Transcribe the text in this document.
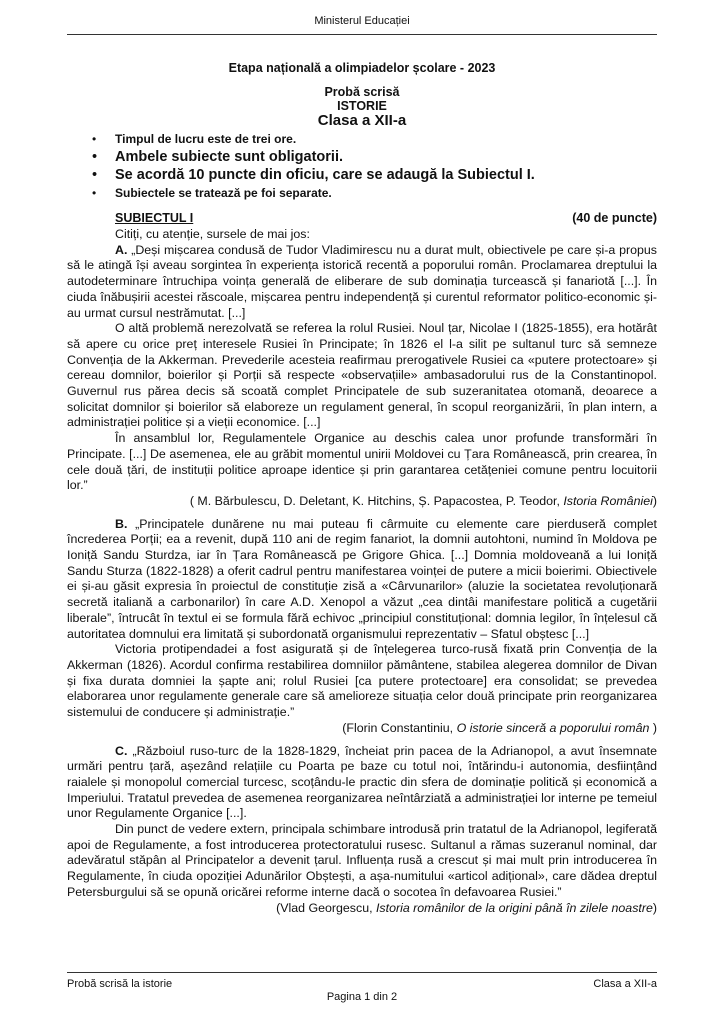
Ministerul Educației
Etapa națională a olimpiadelor școlare - 2023
Probă scrisă
ISTORIE
Clasa a XII-a
• Timpul de lucru este de trei ore.
• Ambele subiecte sunt obligatorii.
• Se acordă 10 puncte din oficiu, care se adaugă la Subiectul I.
• Subiectele se tratează pe foi separate.
SUBIECTUL I	(40 de puncte)

Citiți, cu atenție, sursele de mai jos:

A. „Deși mișcarea condusă de Tudor Vladimirescu nu a durat mult, obiectivele pe care și-a propus să le atingă își aveau sorgintea în experiența istorică recentă a poporului român. Proclamarea dreptului la autodeterminare întruchipa voința generală de eliberare de sub dominația turcească și fanariotă [...]. În ciuda înăbușirii acestei răscoale, mișcarea pentru independență și curentul reformator politico-economic și-au urmat cursul nestrămutat. [...]

O altă problemă nerezolvată se referea la rolul Rusiei. Noul țar, Nicolae I (1825-1855), era hotărât să apere cu orice preț interesele Rusiei în Principate; în 1826 el l-a silit pe sultanul turc să semneze Convenția de la Akkerman. Prevederile acesteia reafirmau prerogativele Rusiei ca «putere protectoare» și cereau domnilor, boierilor și Porții să respecte «observațiile» ambasadorului rus de la Constantinopol. Guvernul rus părea decis să scoată complet Principatele de sub suzeranitatea otomană, deoarece a solicitat domnilor și boierilor să elaboreze un regulament general, în scopul reorganizării, în plan intern, a administrației politice și a vieții economice. [...]

În ansamblul lor, Regulamentele Organice au deschis calea unor profunde transformări în Principate. [...] De asemenea, ele au grăbit momentul unirii Moldovei cu Țara Românească, prin crearea, în cele două țări, de instituții politice aproape identice și prin garantarea cetățeniei comune pentru locuitorii lor.”

( M. Bărbulescu, D. Deletant, K. Hitchins, Ș. Papacostea, P. Teodor, Istoria României)

B. „Principatele dunărene nu mai puteau fi cârmuite cu elemente care pierduseră complet încrederea Porții; ea a revenit, după 110 ani de regim fanariot, la domnii autohtoni, numind în Moldova pe Ioniță Sandu Sturdza, iar în Țara Românească pe Grigore Ghica. [...] Domnia moldoveană a lui Ioniță Sandu Sturza (1822-1828) a oferit cadrul pentru manifestarea voinței de putere a micii boierimi. Obiectivele ei și-au găsit expresia în proiectul de constituție zisă a «Cârvunarilor» (aluzie la societatea revoluționară secretă italiană a carbonarilor) în care A.D. Xenopol a văzut „cea dintâi manifestare politică a cugetării liberale”, întrucât în textul ei se formula fără echivoc „principiul constituțional: domnia legilor, în înțelesul că autoritatea domnului era limitată și subordonată organismului reprezentativ – Sfatul obștesc [...]

Victoria protipendadei a fost asigurată și de înțelegerea turco-rusă fixată prin Convenția de la Akkerman (1826). Acordul confirma restabilirea domniilor pământene, stabilea alegerea domnilor de Divan și fixa durata domniei la șapte ani; rolul Rusiei [ca putere protectoare] era consolidat; se prevedea elaborarea unor regulamente generale care să amelioreze situația celor două principate prin reorganizarea sistemului de conducere și administrație.”

(Florin Constantiniu, O istorie sinceră a poporului român )

C. „Războiul ruso-turc de la 1828-1829, încheiat prin pacea de la Adrianopol, a avut însemnate urmări pentru țară, așezând relațiile cu Poarta pe baze cu totul noi, întărindu-i autonomia, desființând raialele și monopolul comercial turcesc, scoțându-le practic din sfera de dominație politică și economică a Imperiului. Tratatul prevedea de asemenea reorganizarea neîntârziată a administrației lor interne pe temeiul unor Regulamente Organice [...].

Din punct de vedere extern, principala schimbare introdusă prin tratatul de la Adrianopol, legiferată apoi de Regulamente, a fost introducerea protectoratului rusesc. Sultanul a rămas suzeranul nominal, dar adevăratul stăpân al Principatelor a devenit țarul. Influența rusă a crescut și mai mult prin introducerea în Regulamente, în ciuda opoziției Adunărilor Obștești, a așa-numitului «articol adițional», care dădea dreptul Petersburgului să se opună oricărei reforme interne dacă o socotea în defavoarea Rusiei.”

(Vlad Georgescu, Istoria românilor de la origini până în zilele noastre)

Probă scrisă la istorie	Clasa a XII-a
Pagina 1 din 2
